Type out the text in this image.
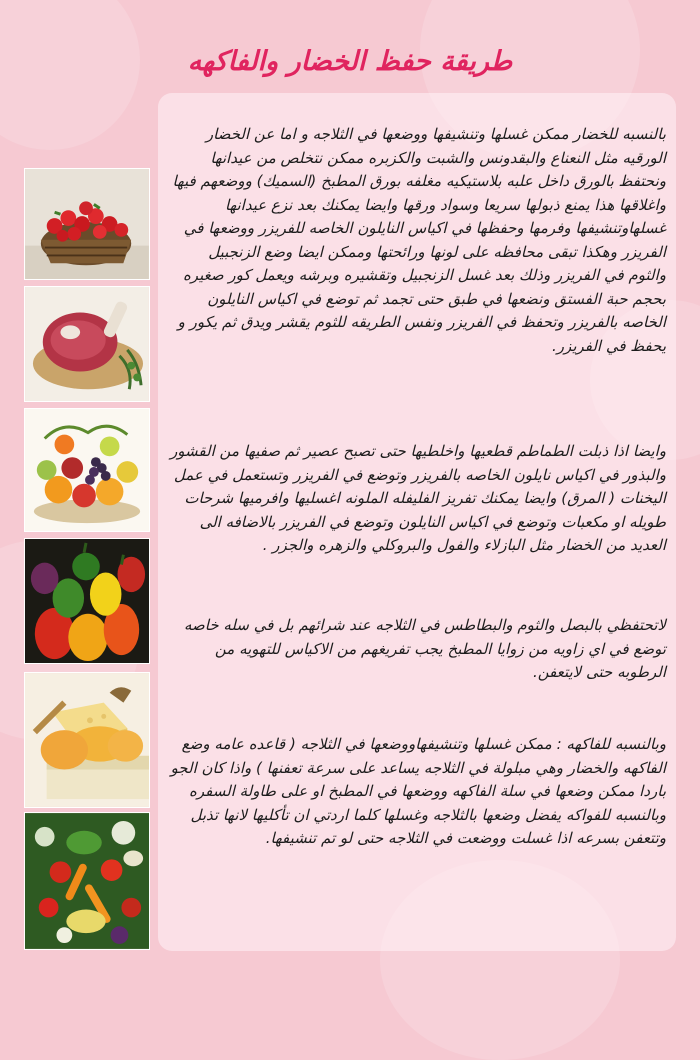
طريقة حفظ الخضار والفاكهه

بالنسبه للخضار ممكن غسلها وتنشيفها ووضعها في الثلاجه و اما عن الخضار الورقيه مثل النعناع والبقدونس والشبت والكزبره ممكن نتخلص من عيدانها ونحتفظ بالورق داخل علبه بلاستيكيه مغلفه بورق المطبخ (السميك) ووضعهم فيها واغلاقها هذا يمنع ذبولها سريعا وسواد ورقها وايضا يمكنك بعد نزع عيدانها غسلهاوتنشيفها وفرمها وحفظها في اكياس النايلون الخاصه للفريزر ووضعها في الفريزر وهكذا تبقى محافظه على لونها ورائحتها وممكن ايضا وضع الزنجبيل والثوم في الفريزر وذلك بعد غسل الزنجبيل وتقشيره وبرشه ويعمل كور صغيره بحجم حبة الفستق ونضعها في طبق حتى تجمد ثم توضع في اكياس النايلون الخاصه بالفريزر وتحفظ في الفريزر ونفس الطريقه للثوم يقشر ويدق ثم يكور و يحفظ في الفريزر.

وايضا اذا ذبلت الطماطم قطعيها واخلطيها حتى تصبح عصير ثم صفيها من القشور والبذور في اكياس نايلون الخاصه بالفريزر وتوضع في الفريزر وتستعمل في عمل اليخنات ( المرق) وايضا يمكنك تفريز الفليفله الملونه اغسليها وافرميها شرحات طويله او مكعبات وتوضع في اكياس النايلون وتوضع في الفريزر بالاضافه الى العديد من الخضار مثل البازلاء والفول والبروكلي والزهره والجزر .

لاتحتفظي بالبصل والثوم والبطاطس في الثلاجه عند شرائهم بل في سله خاصه توضع في اي زاويه من زوايا المطبخ يجب تفريغهم من الاكياس للتهويه من الرطوبه حتى لايتعفن.

وبالنسبه للفاكهه : ممكن غسلها وتنشيفهاووضعها في الثلاجه ( قاعده عامه وضع الفاكهه والخضار وهي مبلولة في الثلاجه يساعد على سرعة تعفنها ) واذا كان الجو باردا ممكن وضعها في سلة الفاكهه ووضعها في المطبخ او على طاولة السفره وبالنسبه للفواكه يفضل وضعها بالثلاجه وغسلها كلما اردتي ان تأكليها لانها تذبل وتتعفن بسرعه اذا غسلت ووضعت في الثلاجه حتى لو تم تنشيفها.
